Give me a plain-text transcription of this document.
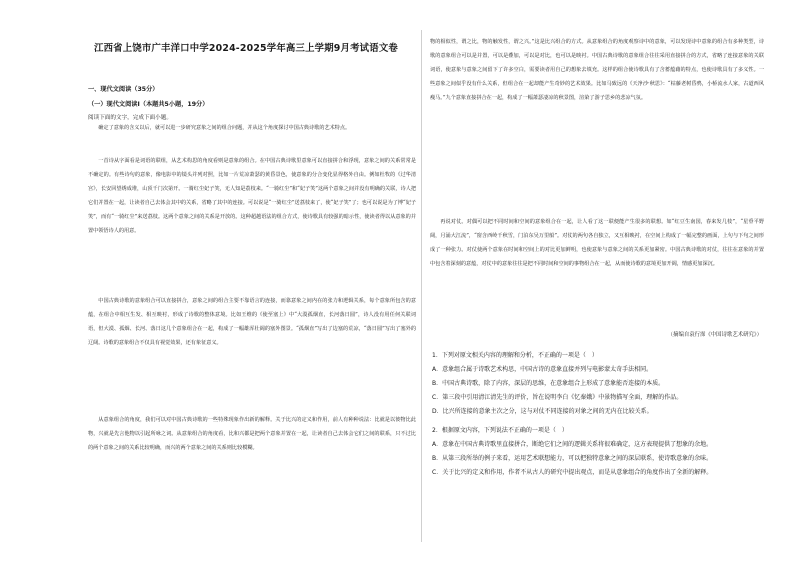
江西省上饶市广丰洋口中学2024-2025学年高三上学期9月考试语文卷
一、现代文阅读（35分）
（一）现代文阅读Ⅰ（本题共5小题，19分）
阅读下面的文字，完成下面小题。

确定了意象的含义以后，就可以进一步研究意象之间的组合问题，并从这个角度探讨中国古典诗歌的艺术特点。

一首诗从字面看是词语的联组，从艺术构思的角度看则是意象的组合。在中国古典诗歌里意象可以直接拼合和浮现，意象之间的关系常常是不确定的。有些诗句的意象，像电影中的镜头并列对照，比如一片荒凉萧瑟的黄昏景色，使意象的分合变化显得格外自由。例如杜牧的《过华清宫》，长安回望绣成堆，山顶千门次第开。一骑红尘妃子笑，无人知是荔枝来。“一骑红尘”和“妃子笑”这两个意象之间并没有明确的关联，诗人把它们并置在一起，让读者自己去体会其中的关系，省略了其中的连接。可以说是“一骑红尘”送荔枝来了，使“妃子笑”了；也可以说是为了博“妃子笑”，而有“一骑红尘”来送荔枝。这两个意象之间的关系是开放的。这种超越语法的组合方式，使诗歌具有较强的暗示性，使读者得以从意象的并置中领悟诗人的用意。

中国古典诗歌的意象组合可以直接拼合，意象之间的组合主要不靠语言的连接，而靠意象之间内在的张力和逻辑关系，每个意象所包含的意蕴，在组合中相互生发、相互映衬，形成了诗歌的整体意境。比如王维的《使至塞上》中“大漠孤烟直，长河落日圆”，诗人没有用任何关联词语，但大漠、孤烟、长河、落日这几个意象组合在一起，构成了一幅雄浑壮阔的塞外图景。“孤烟直”写出了边塞的荒凉，“落日圆”写出了塞外的辽阔。诗歌的意象组合不仅具有视觉效果，还有象征意义。

从意象组合的角度，我们可以对中国古典诗歌的一些特殊现象作出新的解释。关于比兴的定义和作用，前人有种种说法：比就是以彼物比此物，兴就是先言他物以引起所咏之词。从意象组合的角度看，比和兴都是把两个意象并置在一起，让读者自己去体会它们之间的联系，只不过比的两个意象之间的关系比较明确，而兴的两个意象之间的关系则比较模糊。

物的相似性，谓之比，物的触发性，谓之兴。”这是比兴组合的方式。从意象组合的角度观察诗中的意象，可以发现诗中意象的组合有多种类型，诗歌的意象组合可以是并置，可以是叠加，可以是对比，也可以是映衬。中国古典诗歌的意象组合往往采用直接拼合的方式，省略了连接意象的关联词语，使意象与意象之间留下了许多空白，需要读者用自己的想象去填充。这样的组合使诗歌具有了含蓄蕴藉的特点，也使诗歌具有了多义性。一些意象之间似乎没有什么关系，但组合在一起却能产生奇妙的艺术效果。比如马致远的《天净沙·秋思》：“枯藤老树昏鸦，小桥流水人家，古道西风瘦马。”九个意象直接拼合在一起，构成了一幅萧瑟凄凉的秋景图，渲染了游子思乡的悲凉气氛。

再说对仗。对偶可以把不同时间和空间的意象组合在一起，让人看了这一联便能产生很多的联想。如“红豆生南国，春来发几枝”，“星垂平野阔，月涌大江流”，“窗含西岭千秋雪，门泊东吴万里船”。对仗的两句各自独立，又互相映衬，在空间上构成了一幅完整的画面，上句与下句之间形成了一种张力。对仗使两个意象在时间和空间上的对比更加鲜明，也使意象与意象之间的关系更加紧密。中国古典诗歌的对仗，往往在意象的并置中包含着深刻的意蕴，对仗中的意象往往是把不同时间和空间的事物组合在一起，从而使诗歌的意境更加开阔，情感更加深沉。

（摘编自袁行霈《中国诗歌艺术研究》）
1．下列对原文相关内容的理解和分析，不正确的一项是（　）
A．意象组合属于诗歌艺术构思，中国古诗的意象直接并列与电影蒙太奇手法相同。
B．中国古典诗歌，除了内容，深层的思维，在意象组合上形成了意象能否连接的本质。
C．第三段中引用清江清先生的评价，旨在说明李白《忆秦娥》中景物描写全面，理解的作品。
D．比兴所连接的意象主次之分，这与对仗不同连接的对象之间的无内在比较关系。
2．根据原文内容，下列说法不正确的一项是（　）
A．意象在中国古典诗歌里直接拼合，断绝它们之间的逻辑关系将很难确定，这方表现提供了想象的余地。
B．从第三段所举的例子来看，运用艺术联想能力，可以把独特意象之间的深层联系，使诗歌意象的余味。
C．关于比兴的定义和作用，作者不从古人的研究中提出观点，而是从意象组合的角度作出了全新的解释。
